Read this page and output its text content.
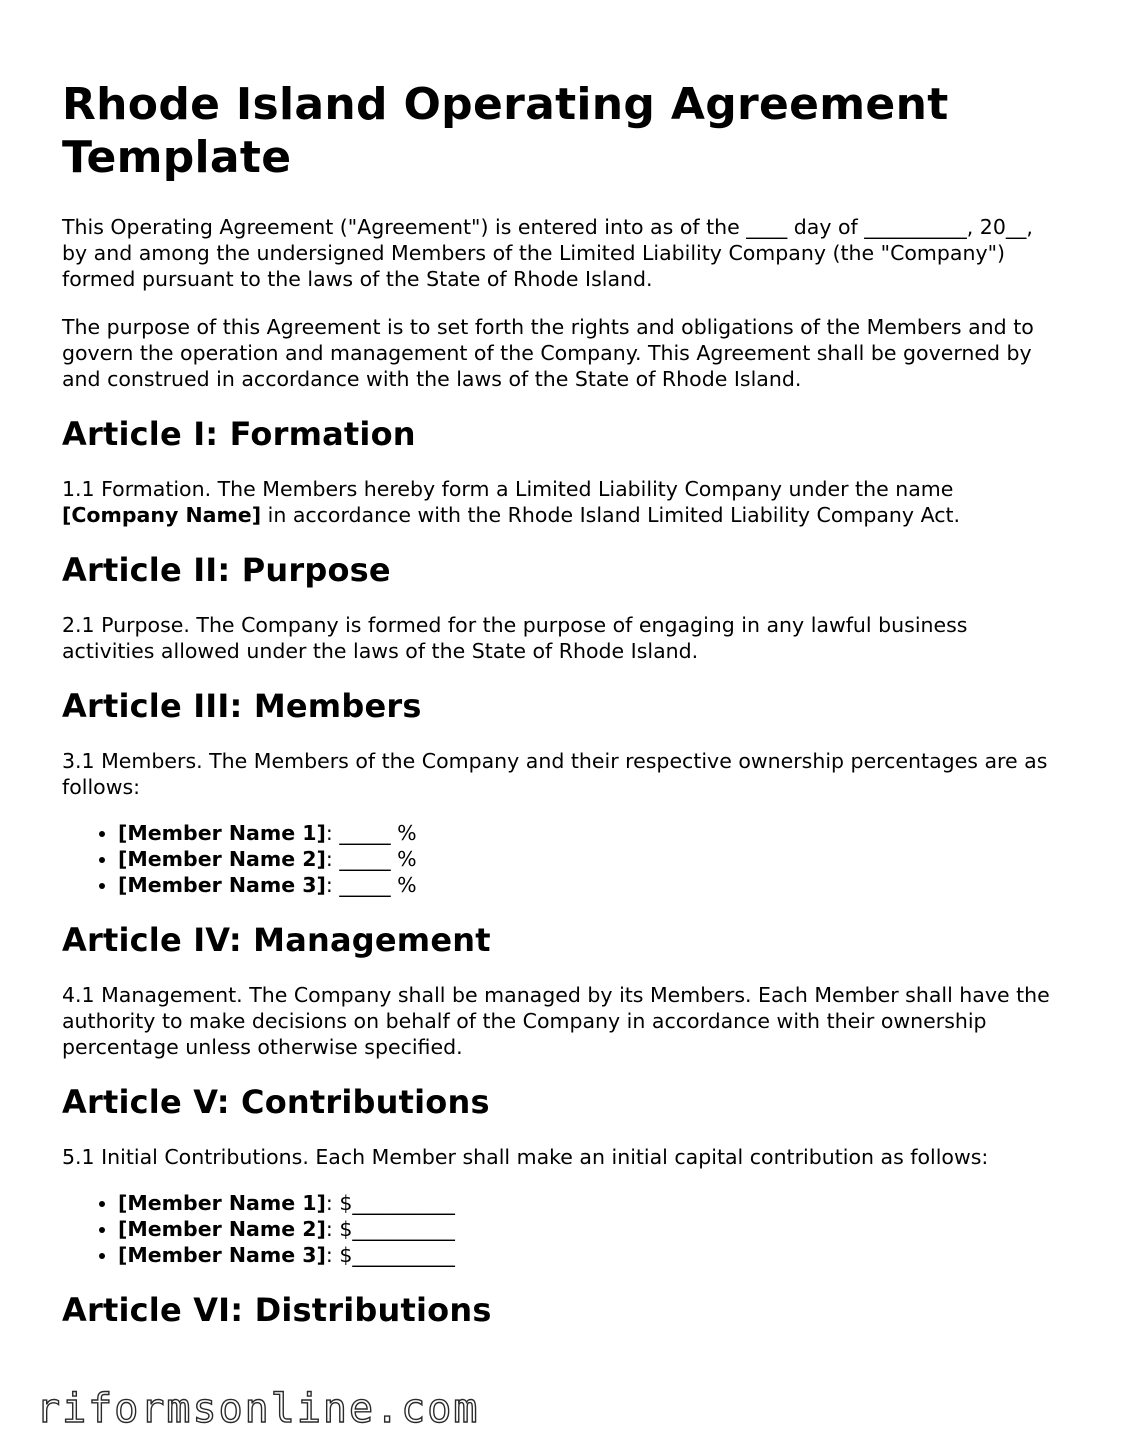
Rhode Island Operating Agreement Template

This Operating Agreement ("Agreement") is entered into as of the ____ day of __________, 20__, by and among the undersigned Members of the Limited Liability Company (the "Company") formed pursuant to the laws of the State of Rhode Island.

The purpose of this Agreement is to set forth the rights and obligations of the Members and to govern the operation and management of the Company. This Agreement shall be governed by and construed in accordance with the laws of the State of Rhode Island.

Article I: Formation

1.1 Formation. The Members hereby form a Limited Liability Company under the name [Company Name] in accordance with the Rhode Island Limited Liability Company Act.

Article II: Purpose

2.1 Purpose. The Company is formed for the purpose of engaging in any lawful business activities allowed under the laws of the State of Rhode Island.

Article III: Members

3.1 Members. The Members of the Company and their respective ownership percentages are as follows:

• [Member Name 1]: _____ %
• [Member Name 2]: _____ %
• [Member Name 3]: _____ %
Article IV: Management

4.1 Management. The Company shall be managed by its Members. Each Member shall have the authority to make decisions on behalf of the Company in accordance with their ownership percentage unless otherwise specified.

Article V: Contributions

5.1 Initial Contributions. Each Member shall make an initial capital contribution as follows:

• [Member Name 1]: $__________
• [Member Name 2]: $__________
• [Member Name 3]: $__________
Article VI: Distributions
riformsonline.com
